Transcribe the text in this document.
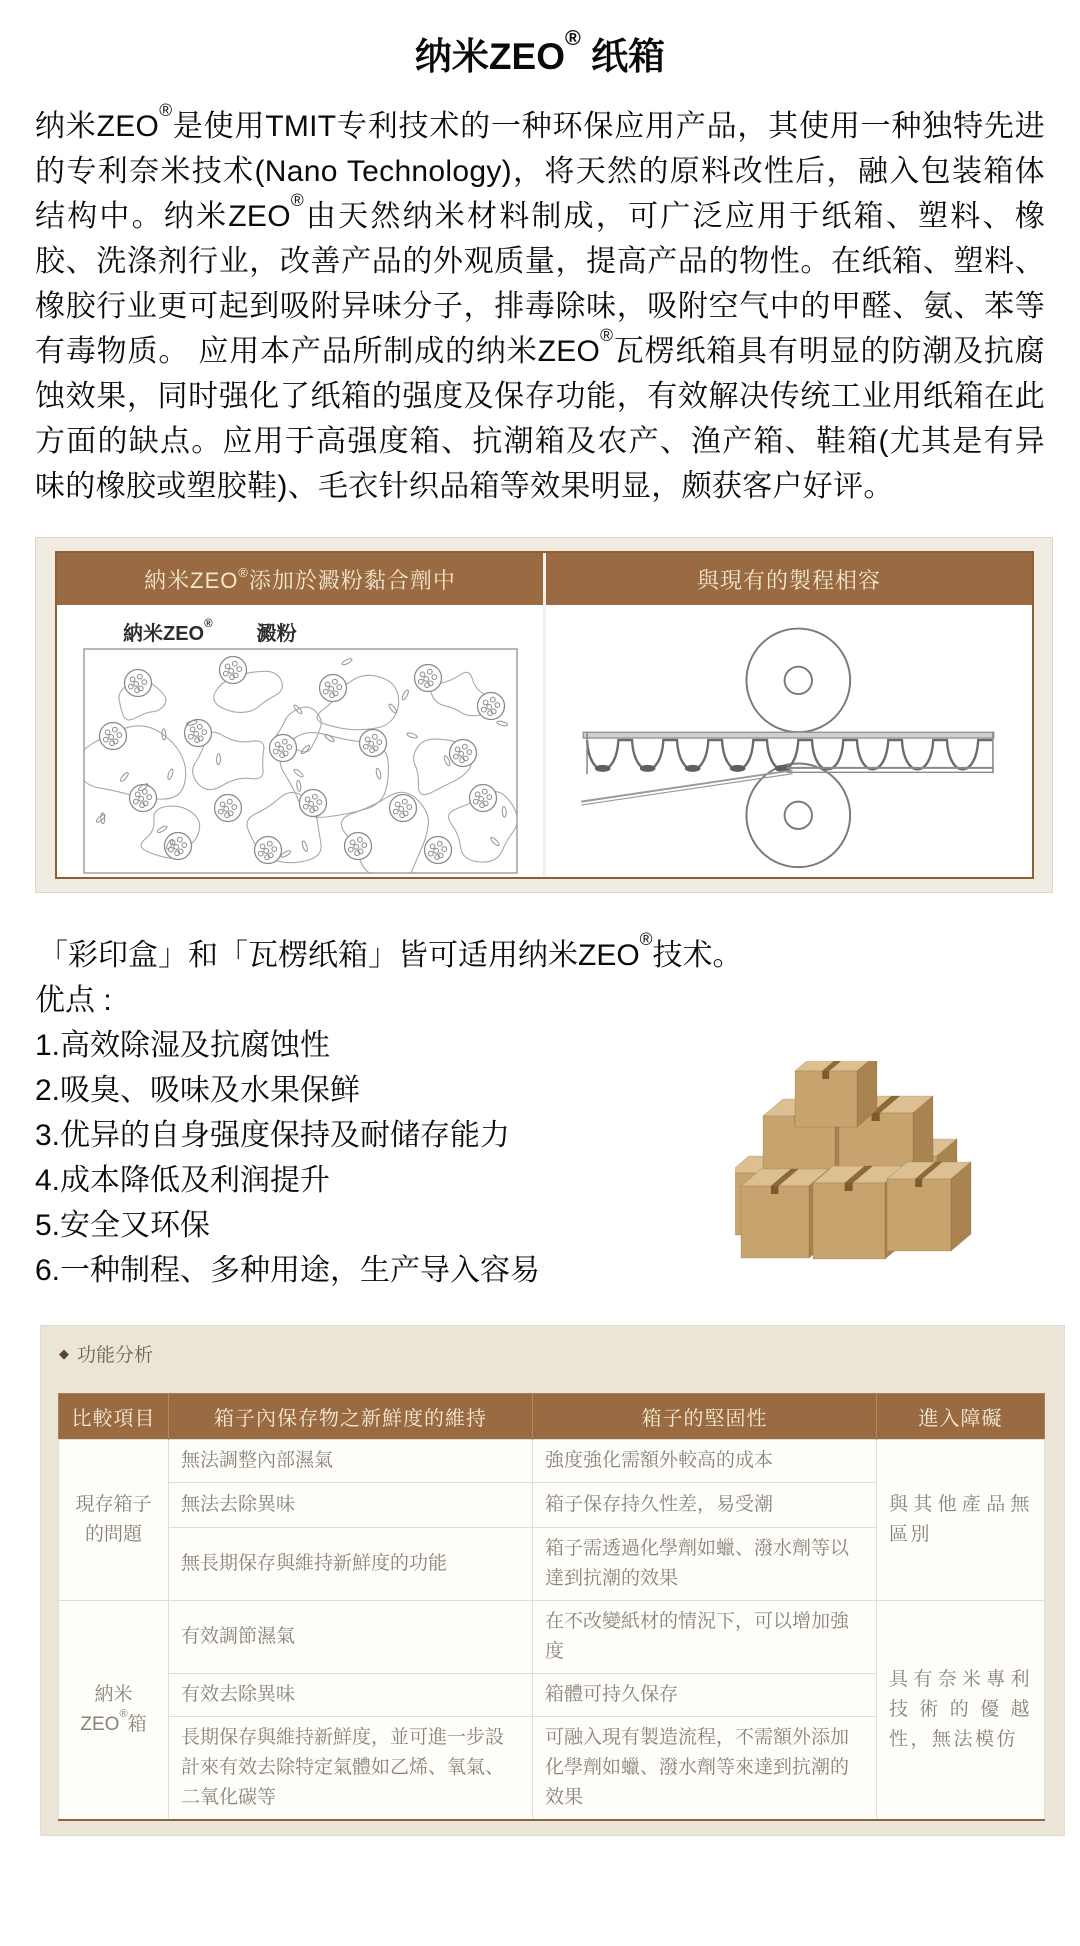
纳米ZEO® 纸箱

纳米ZEO®是使用TMIT专利技术的一种环保应用产品，其使用一种独特先进的专利奈米技术(Nano Technology)，将天然的原料改性后，融入包装箱体结构中。纳米ZEO®由天然纳米材料制成，可广泛应用于纸箱、塑料、橡胶、洗涤剂行业，改善产品的外观质量，提高产品的物性。在纸箱、塑料、橡胶行业更可起到吸附异味分子，排毒除味，吸附空气中的甲醛、氨、苯等有毒物质。 应用本产品所制成的纳米ZEO®瓦楞纸箱具有明显的防潮及抗腐蚀效果，同时强化了纸箱的强度及保存功能，有效解决传统工业用纸箱在此方面的缺点。应用于高强度箱、抗潮箱及农产、渔产箱、鞋箱(尤其是有异味的橡胶或塑胶鞋)、毛衣针织品箱等效果明显，颇获客户好评。

納米ZEO® 添加於澱粉黏合劑中
納米ZEO® 澱粉
與現有的製程相容

「彩印盒」和「瓦楞纸箱」皆可适用纳米ZEO®技术。

优点 :
1.高效除湿及抗腐蚀性
2.吸臭、吸味及水果保鲜
3.优异的自身强度保持及耐储存能力
4.成本降低及利润提升
5.安全又环保
6.一种制程、多种用途，生产导入容易
◆ 功能分析
比較項目	箱子內保存物之新鮮度的維持	箱子的堅固性	進入障礙
現存箱子的問題	無法調整內部濕氣	強度強化需額外較高的成本	與其他產品無區別
	無法去除異味	箱子保存持久性差，易受潮	
	無長期保存與維持新鮮度的功能	箱子需透過化學劑如蠟、潑水劑等以達到抗潮的效果	
納米ZEO®箱	有效調節濕氣	在不改變紙材的情況下，可以增加強度	具有奈米專利技術的優越性，無法模仿
	有效去除異味	箱體可持久保存	
	長期保存與維持新鮮度，並可進一步設計來有效去除特定氣體如乙烯、氧氣、二氧化碳等	可融入現有製造流程，不需額外添加化學劑如蠟、潑水劑等來達到抗潮的效果	
